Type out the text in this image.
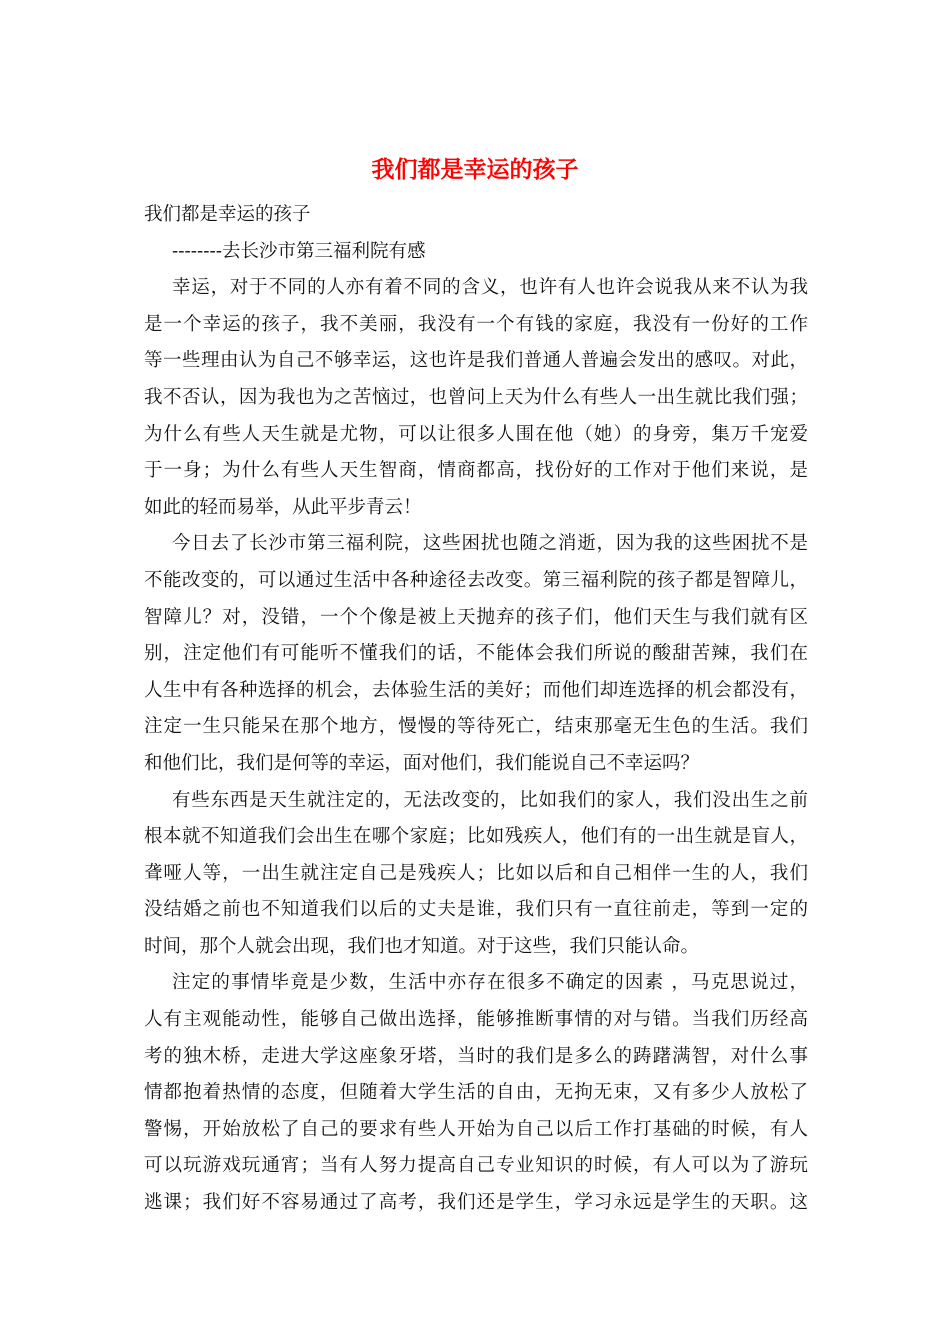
我们都是幸运的孩子
我们都是幸运的孩子
--------去长沙市第三福利院有感
幸运，对于不同的人亦有着不同的含义，也许有人也许会说我从来不认为我
是一个幸运的孩子，我不美丽，我没有一个有钱的家庭，我没有一份好的工作
等一些理由认为自己不够幸运，这也许是我们普通人普遍会发出的感叹。对此，
我不否认，因为我也为之苦恼过，也曾问上天为什么有些人一出生就比我们强；
为什么有些人天生就是尤物，可以让很多人围在他（她）的身旁，集万千宠爱
于一身；为什么有些人天生智商，情商都高，找份好的工作对于他们来说，是
如此的轻而易举，从此平步青云！
今日去了长沙市第三福利院，这些困扰也随之消逝，因为我的这些困扰不是
不能改变的，可以通过生活中各种途径去改变。第三福利院的孩子都是智障儿，
智障儿？对，没错，一个个像是被上天抛弃的孩子们，他们天生与我们就有区
别，注定他们有可能听不懂我们的话，不能体会我们所说的酸甜苦辣，我们在
人生中有各种选择的机会，去体验生活的美好；而他们却连选择的机会都没有，
注定一生只能呆在那个地方，慢慢的等待死亡，结束那毫无生色的生活。我们
和他们比，我们是何等的幸运，面对他们，我们能说自己不幸运吗？
有些东西是天生就注定的，无法改变的，比如我们的家人，我们没出生之前
根本就不知道我们会出生在哪个家庭；比如残疾人，他们有的一出生就是盲人，
聋哑人等，一出生就注定自己是残疾人；比如以后和自己相伴一生的人，我们
没结婚之前也不知道我们以后的丈夫是谁，我们只有一直往前走，等到一定的
时间，那个人就会出现，我们也才知道。对于这些，我们只能认命。
注定的事情毕竟是少数，生活中亦存在很多不确定的因素 ，马克思说过，
人有主观能动性，能够自己做出选择，能够推断事情的对与错。当我们历经高
考的独木桥，走进大学这座象牙塔，当时的我们是多么的踌躇满智，对什么事
情都抱着热情的态度，但随着大学生活的自由，无拘无束，又有多少人放松了
警惕，开始放松了自己的要求有些人开始为自己以后工作打基础的时候，有人
可以玩游戏玩通宵；当有人努力提高自己专业知识的时候，有人可以为了游玩
逃课；我们好不容易通过了高考，我们还是学生，学习永远是学生的天职。这
